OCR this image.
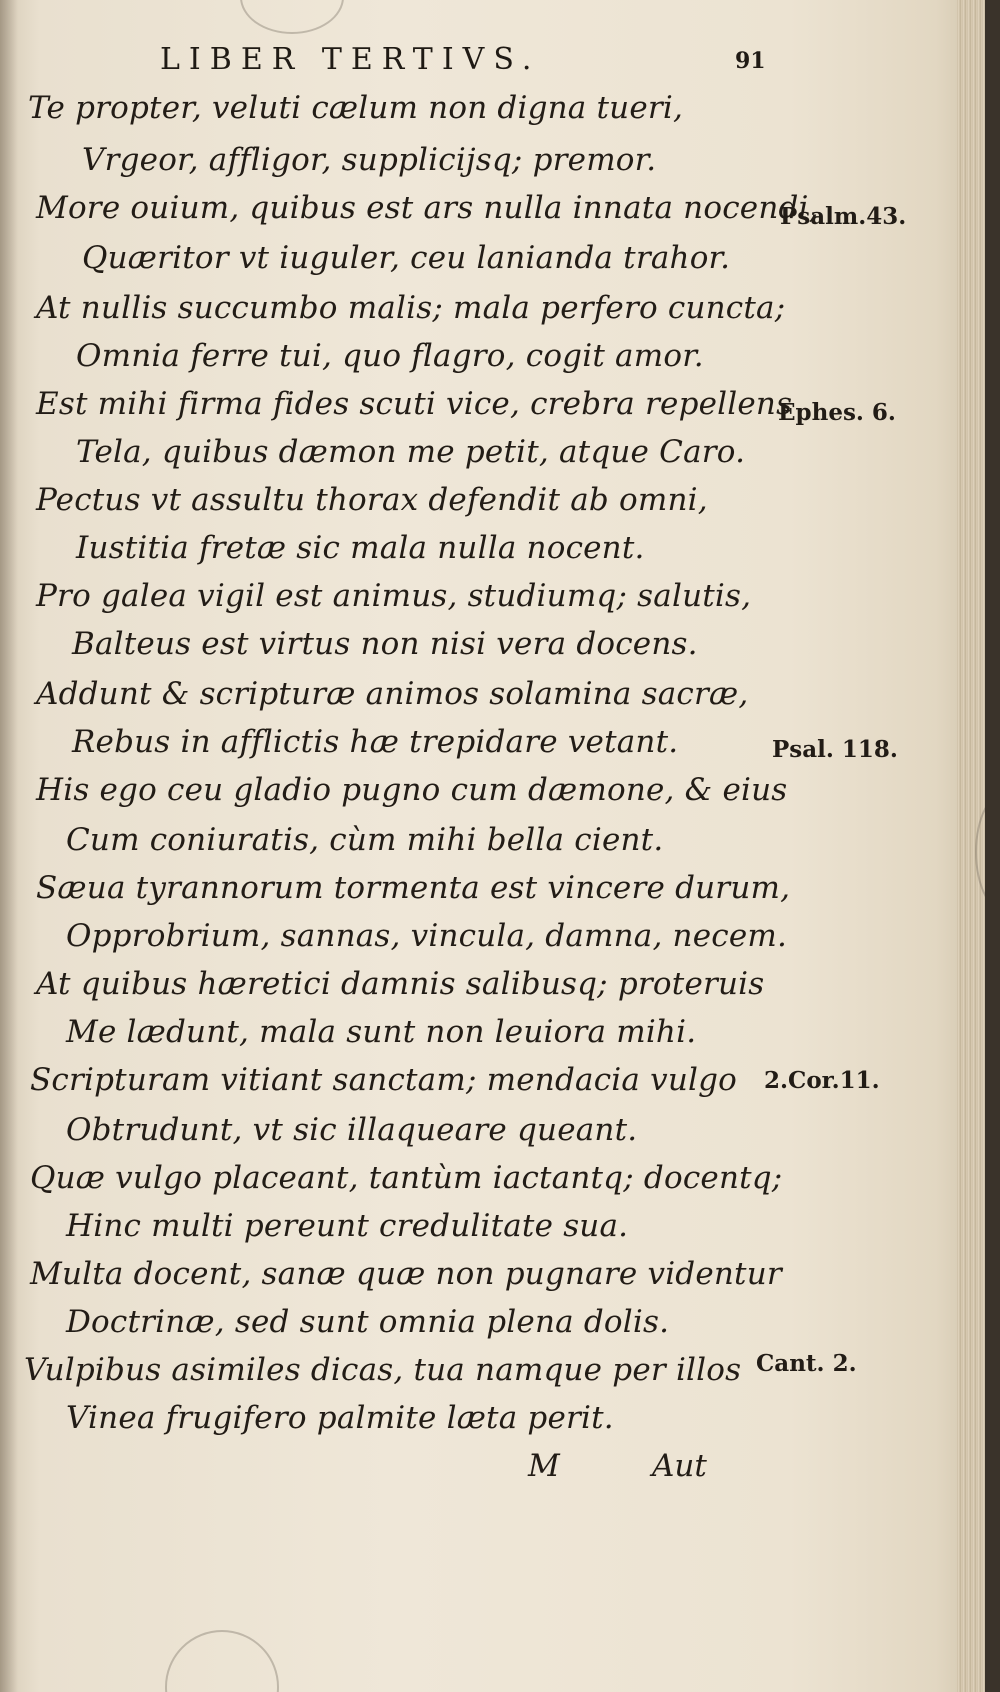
LIBER TERTIVS.	91
Te propter, veluti cælum non digna tueri,
Vrgeor, affligor, supplicijsq; premor.
More ouium, quibus est ars nulla innata nocendi,
Quæritor vt iuguler, ceu lanianda trahor.
At nullis succumbo malis; mala perfero cuncta;
Omnia ferre tui, quo flagro, cogit amor.
Est mihi firma fides scuti vice, crebra repellens
Tela, quibus dæmon me petit, atque Caro.
Pectus vt assultu thorax defendit ab omni,
Iustitia fretæ sic mala nulla nocent.
Pro galea vigil est animus, studiumq; salutis,
Balteus est virtus non nisi vera docens.
Addunt & scripturæ animos solamina sacræ,
Rebus in afflictis hæ trepidare vetant.
His ego ceu gladio pugno cum dæmone, & eius
Cum coniuratis, cùm mihi bella cient.
Sæua tyrannorum tormenta est vincere durum,
Opprobrium, sannas, vincula, damna, necem.
At quibus hæretici damnis salibusq; proteruis
Me lædunt, mala sunt non leuiora mihi.
Scripturam vitiant sanctam; mendacia vulgo
Obtrudunt, vt sic illaqueare queant.
Quæ vulgo placeant, tantùm iactantq; docentq;
Hinc multi pereunt credulitate sua.
Multa docent, sanæ quæ non pugnare videntur
Doctrinæ, sed sunt omnia plena dolis.
Vulpibus asimiles dicas, tua namque per illos
Vinea frugifero palmite læta perit.
Psalm.43.
Ephes. 6.
Psal. 118.
2.Cor.11.
Cant. 2.
M	Aut
